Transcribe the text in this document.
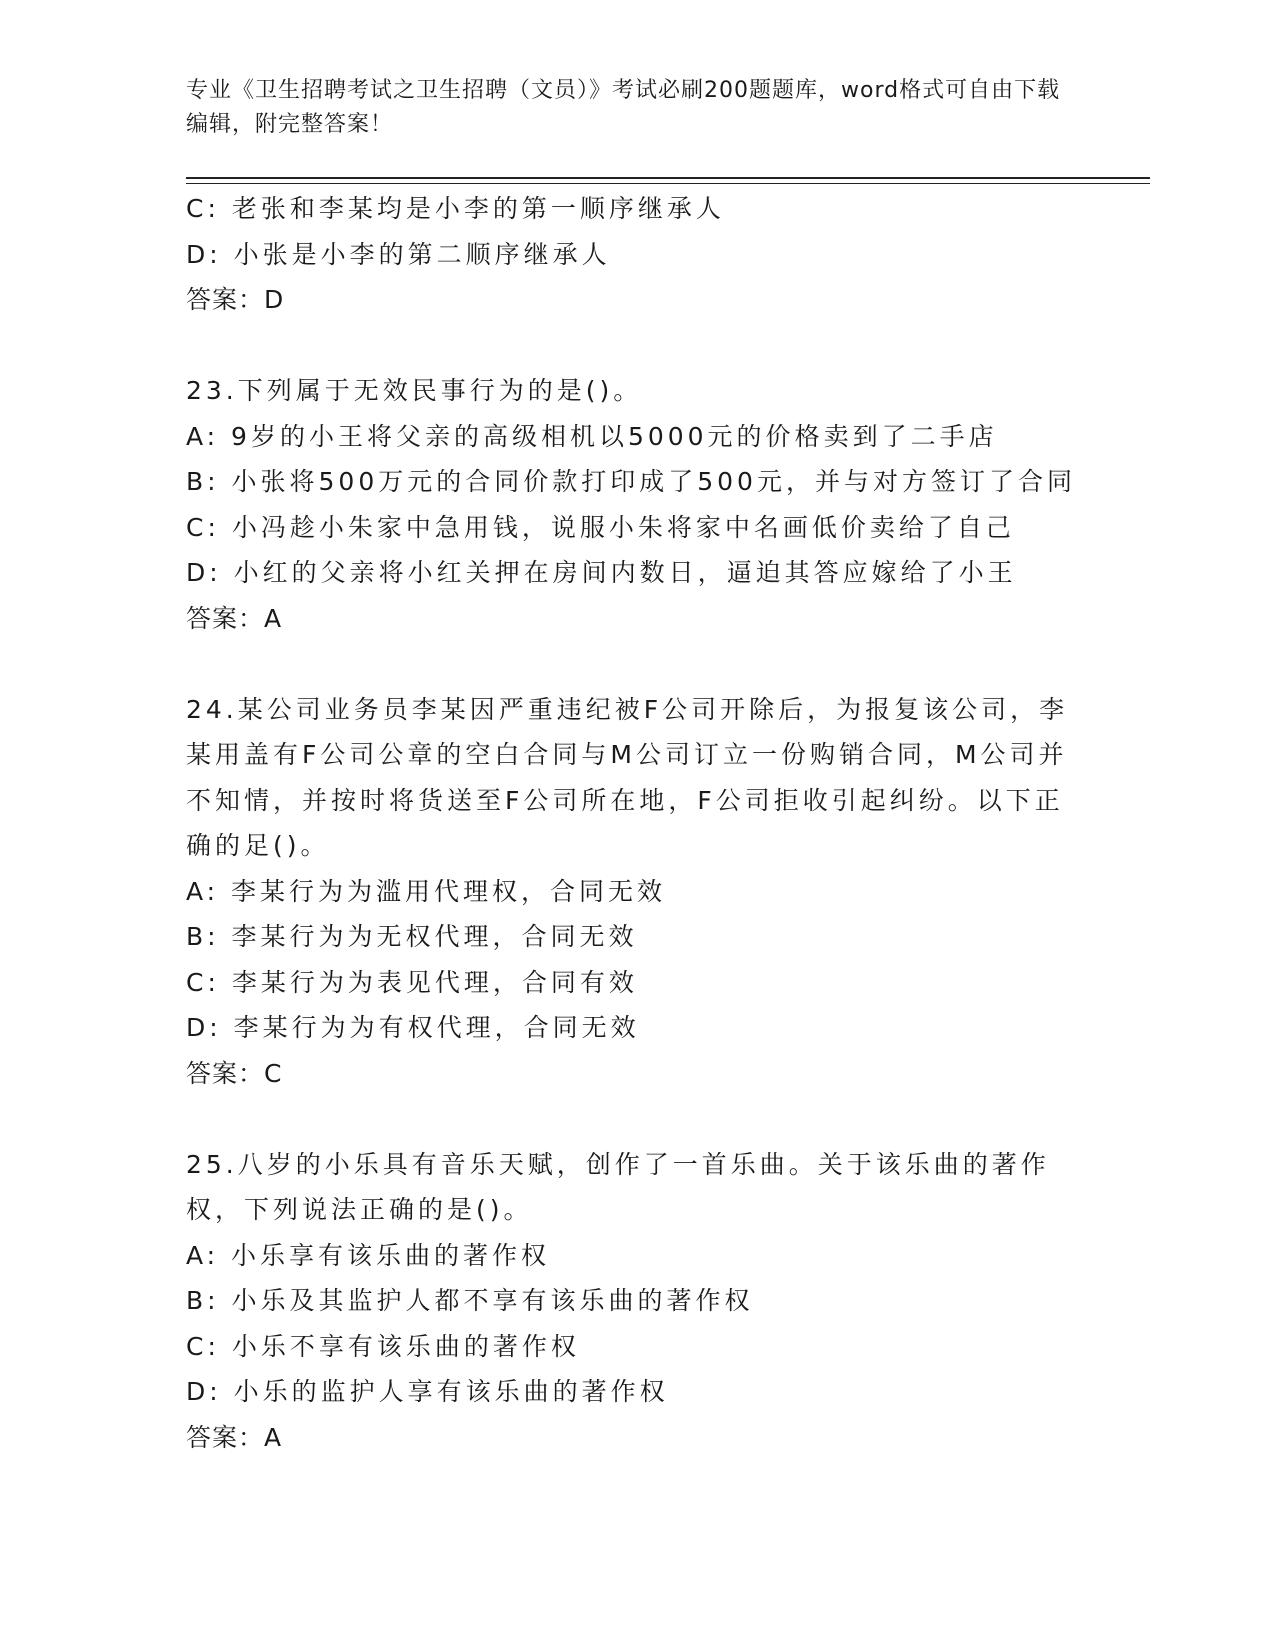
专业《卫生招聘考试之卫生招聘（文员）》考试必刷200题题库，word格式可自由下载编辑，附完整答案！
C: 老张和李某均是小李的第一顺序继承人
D: 小张是小李的第二顺序继承人
答案：D
23.下列属于无效民事行为的是()。
A: 9岁的小王将父亲的高级相机以5000元的价格卖到了二手店
B: 小张将500万元的合同价款打印成了500元，并与对方签订了合同
C: 小冯趁小朱家中急用钱，说服小朱将家中名画低价卖给了自己
D: 小红的父亲将小红关押在房间内数日，逼迫其答应嫁给了小王
答案：A
24.某公司业务员李某因严重违纪被F公司开除后，为报复该公司，李某用盖有F公司公章的空白合同与M公司订立一份购销合同，M公司并不知情，并按时将货送至F公司所在地，F公司拒收引起纠纷。以下正确的足()。
A: 李某行为为滥用代理权，合同无效
B: 李某行为为无权代理，合同无效
C: 李某行为为表见代理，合同有效
D: 李某行为为有权代理，合同无效
答案：C
25.八岁的小乐具有音乐天赋，创作了一首乐曲。关于该乐曲的著作权，下列说法正确的是()。
A: 小乐享有该乐曲的著作权
B: 小乐及其监护人都不享有该乐曲的著作权
C: 小乐不享有该乐曲的著作权
D: 小乐的监护人享有该乐曲的著作权
答案：A
